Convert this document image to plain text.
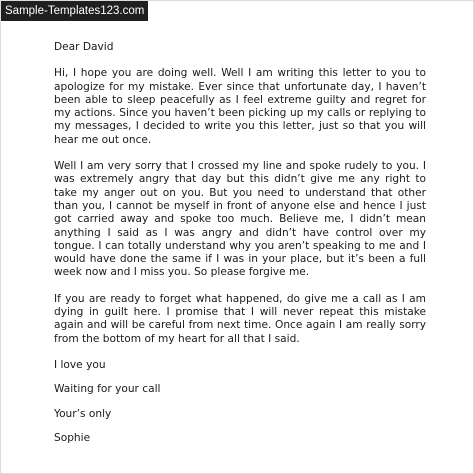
Sample-Templates123.com

Dear David

Hi, I hope you are doing well. Well I am writing this letter to you to apologize for my mistake. Ever since that unfortunate day, I haven’t been able to sleep peacefully as I feel extreme guilty and regret for my actions. Since you haven’t been picking up my calls or replying to my messages, I decided to write you this letter, just so that you will hear me out once.

Well I am very sorry that I crossed my line and spoke rudely to you. I was extremely angry that day but this didn’t give me any right to take my anger out on you. But you need to understand that other than you, I cannot be myself in front of anyone else and hence I just got carried away and spoke too much. Believe me, I didn’t mean anything I said as I was angry and didn’t have control over my tongue. I can totally understand why you aren’t speaking to me and I would have done the same if I was in your place, but it’s been a full week now and I miss you. So please forgive me.

If you are ready to forget what happened, do give me a call as I am dying in guilt here. I promise that I will never repeat this mistake again and will be careful from next time. Once again I am really sorry from the bottom of my heart for all that I said.

I love you

Waiting for your call

Your’s only

Sophie
